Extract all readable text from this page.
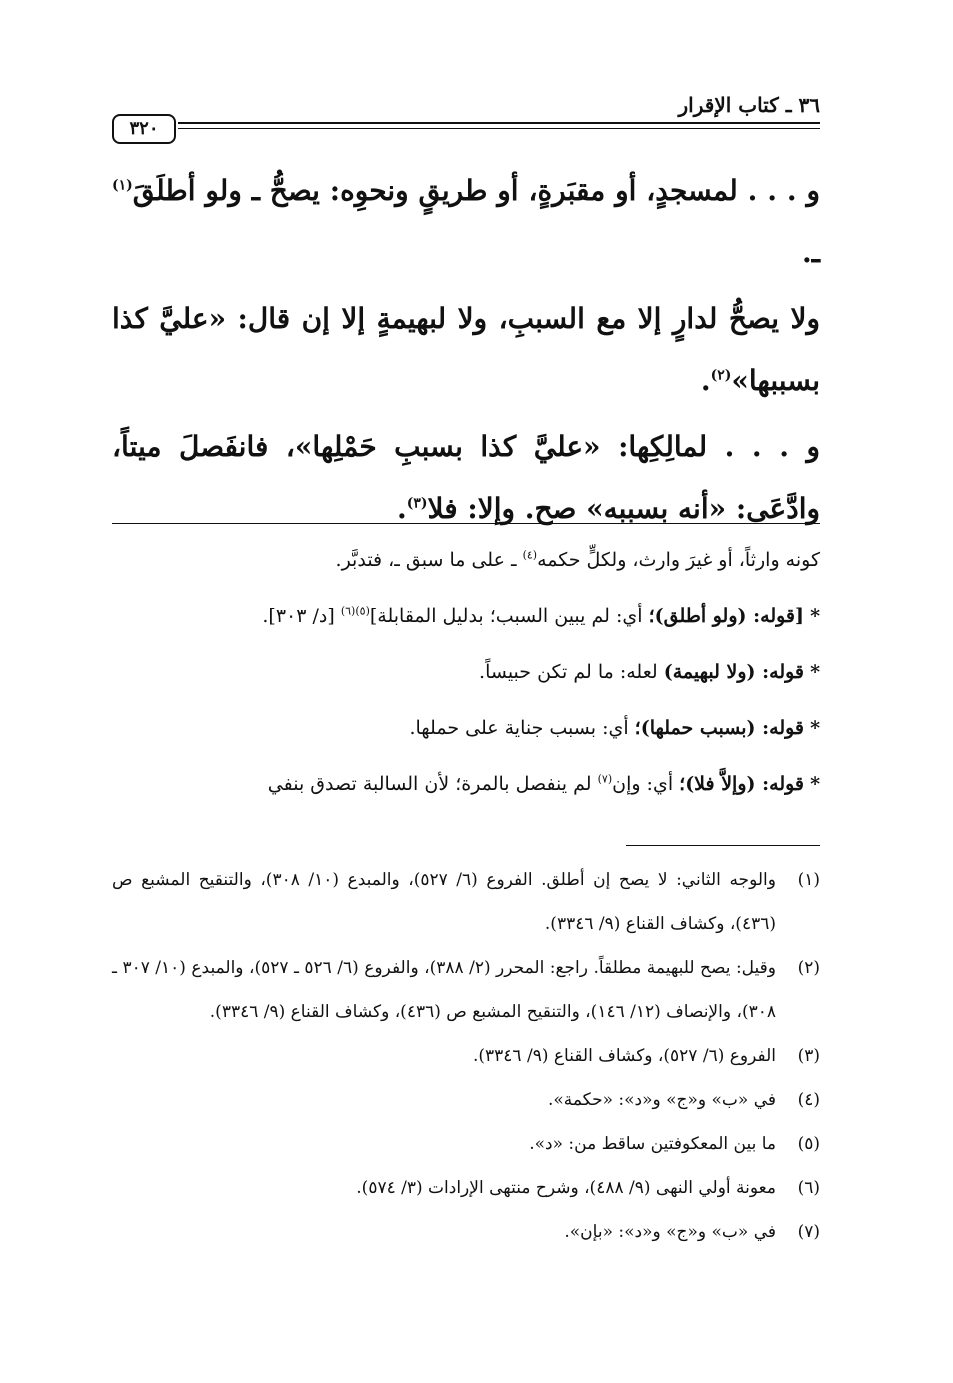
٣٢٠
٣٦ ـ كتاب الإقرار

و . . . لمسجدٍ، أو مقبَرةٍ، أو طريقٍ ونحوِه: يصحُّ ـ ولو أطلَقَ$^{(١)}$ ـ.

ولا يصحُّ لدارٍ إلا مع السببِ، ولا لبهيمةٍ إلا إن قال: «عليَّ كذا بسببها»$^{(٢)}$.

و . . . لمالِكِها: «عليَّ كذا بسببِ حَمْلِها»، فانفَصلَ ميتاً، وادَّعَى: «أنه بسببه» صح. وإلا: فلا$^{(٣)}$.

كونه وارثاً، أو غيرَ وارث، ولكلٍّ حكمه$^{(٤)}$ ـ على ما سبق ـ، فتدبَّر.

* [قوله: (ولو أطلق)؛ أي: لم يبين السبب؛ بدليل المقابلة]$^{(٥)(٦)}$ [د/ ٣٠٣].

* قوله: (ولا لبهيمة) لعله: ما لم تكن حبيساً.

* قوله: (بسبب حملها)؛ أي: بسبب جناية على حملها.

* قوله: (وإلاَّ فلا)؛ أي: وإن$^{(٧)}$ لم ينفصل بالمرة؛ لأن السالبة تصدق بنفي

(١)
والوجه الثاني: لا يصح إن أطلق. الفروع (٦/ ٥٢٧)، والمبدع (١٠/ ٣٠٨)، والتنقيح المشبع ص (٤٣٦)، وكشاف القناع (٩/ ٣٣٤٦).

(٢)
وقيل: يصح للبهيمة مطلقاً. راجع: المحرر (٢/ ٣٨٨)، والفروع (٦/ ٥٢٦ ـ ٥٢٧)، والمبدع (١٠/ ٣٠٧ ـ ٣٠٨)، والإنصاف (١٢/ ١٤٦)، والتنقيح المشبع ص (٤٣٦)، وكشاف القناع (٩/ ٣٣٤٦).

(٣)
الفروع (٦/ ٥٢٧)، وكشاف القناع (٩/ ٣٣٤٦).

(٤)
في «ب» و«ج» و«د»: «حكمة».

(٥)
ما بين المعكوفتين ساقط من: «د».

(٦)
معونة أولي النهى (٩/ ٤٨٨)، وشرح منتهى الإرادات (٣/ ٥٧٤).

(٧)
في «ب» و«ج» و«د»: «بإن».
